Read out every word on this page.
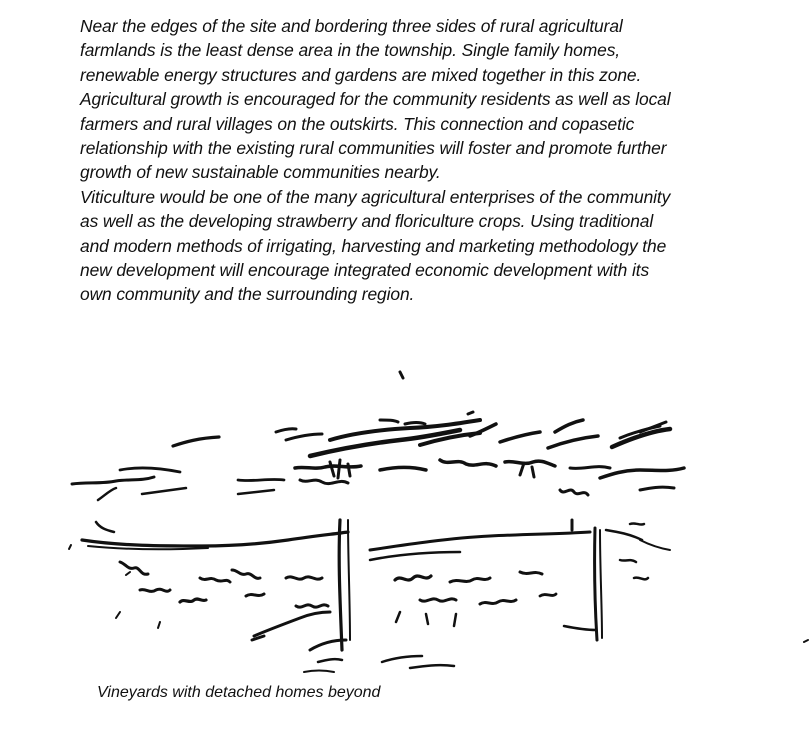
Near the edges of the site and bordering three sides of rural agricultural
farmlands is the least dense area in the township. Single family homes,
renewable energy structures and gardens are mixed together in this zone.
Agricultural growth is encouraged for the community residents as well as local
farmers and rural villages on the outskirts. This connection and copasetic
relationship with the existing rural communities will foster and promote further
growth of new sustainable communities nearby.
Viticulture would be one of the many agricultural enterprises of the community
as well as the developing strawberry and floriculture crops. Using traditional
and modern methods of irrigating, harvesting and marketing methodology the
new development will encourage integrated economic development with its
own community and the surrounding region.
Vineyards with detached homes beyond
